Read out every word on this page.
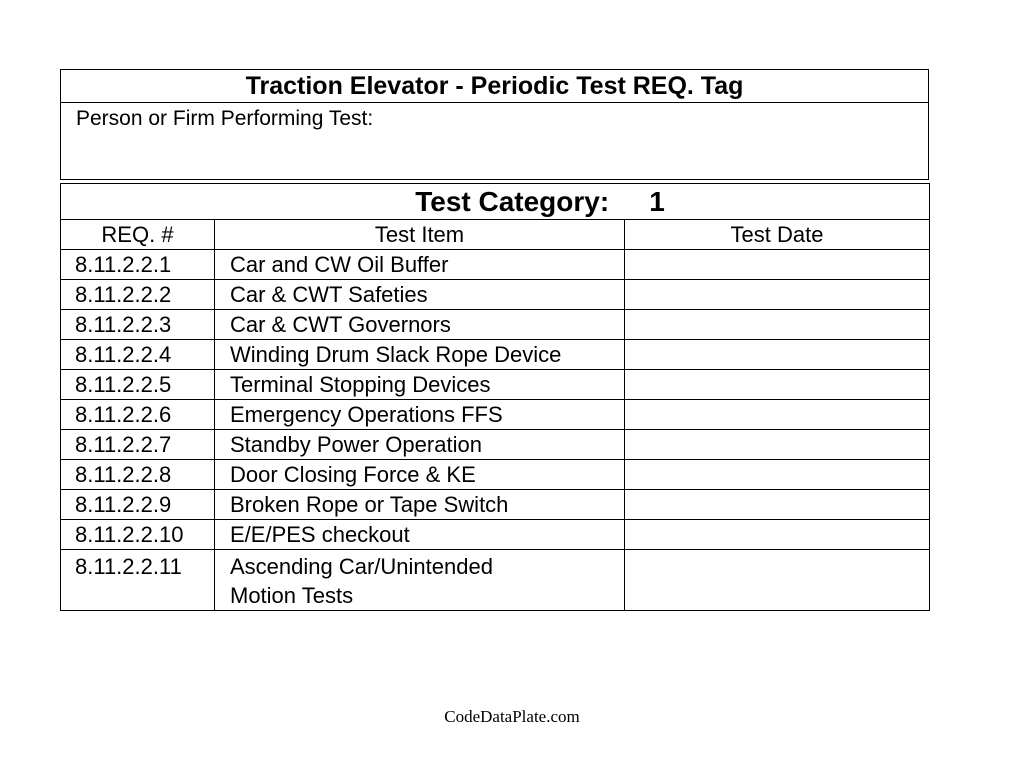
Traction Elevator - Periodic Test REQ. Tag
Person or Firm Performing Test:
Test Category: 1		
REQ. #	Test Item	Test Date
8.11.2.2.1	Car and CW Oil Buffer	
8.11.2.2.2	Car & CWT Safeties	
8.11.2.2.3	Car & CWT Governors	
8.11.2.2.4	Winding Drum Slack Rope Device	
8.11.2.2.5	Terminal Stopping Devices	
8.11.2.2.6	Emergency Operations FFS	
8.11.2.2.7	Standby Power Operation	
8.11.2.2.8	Door Closing Force & KE	
8.11.2.2.9	Broken Rope or Tape Switch	
8.11.2.2.10	E/E/PES checkout	
8.11.2.2.11	Ascending Car/Unintended
Motion Tests	
CodeDataPlate.com
